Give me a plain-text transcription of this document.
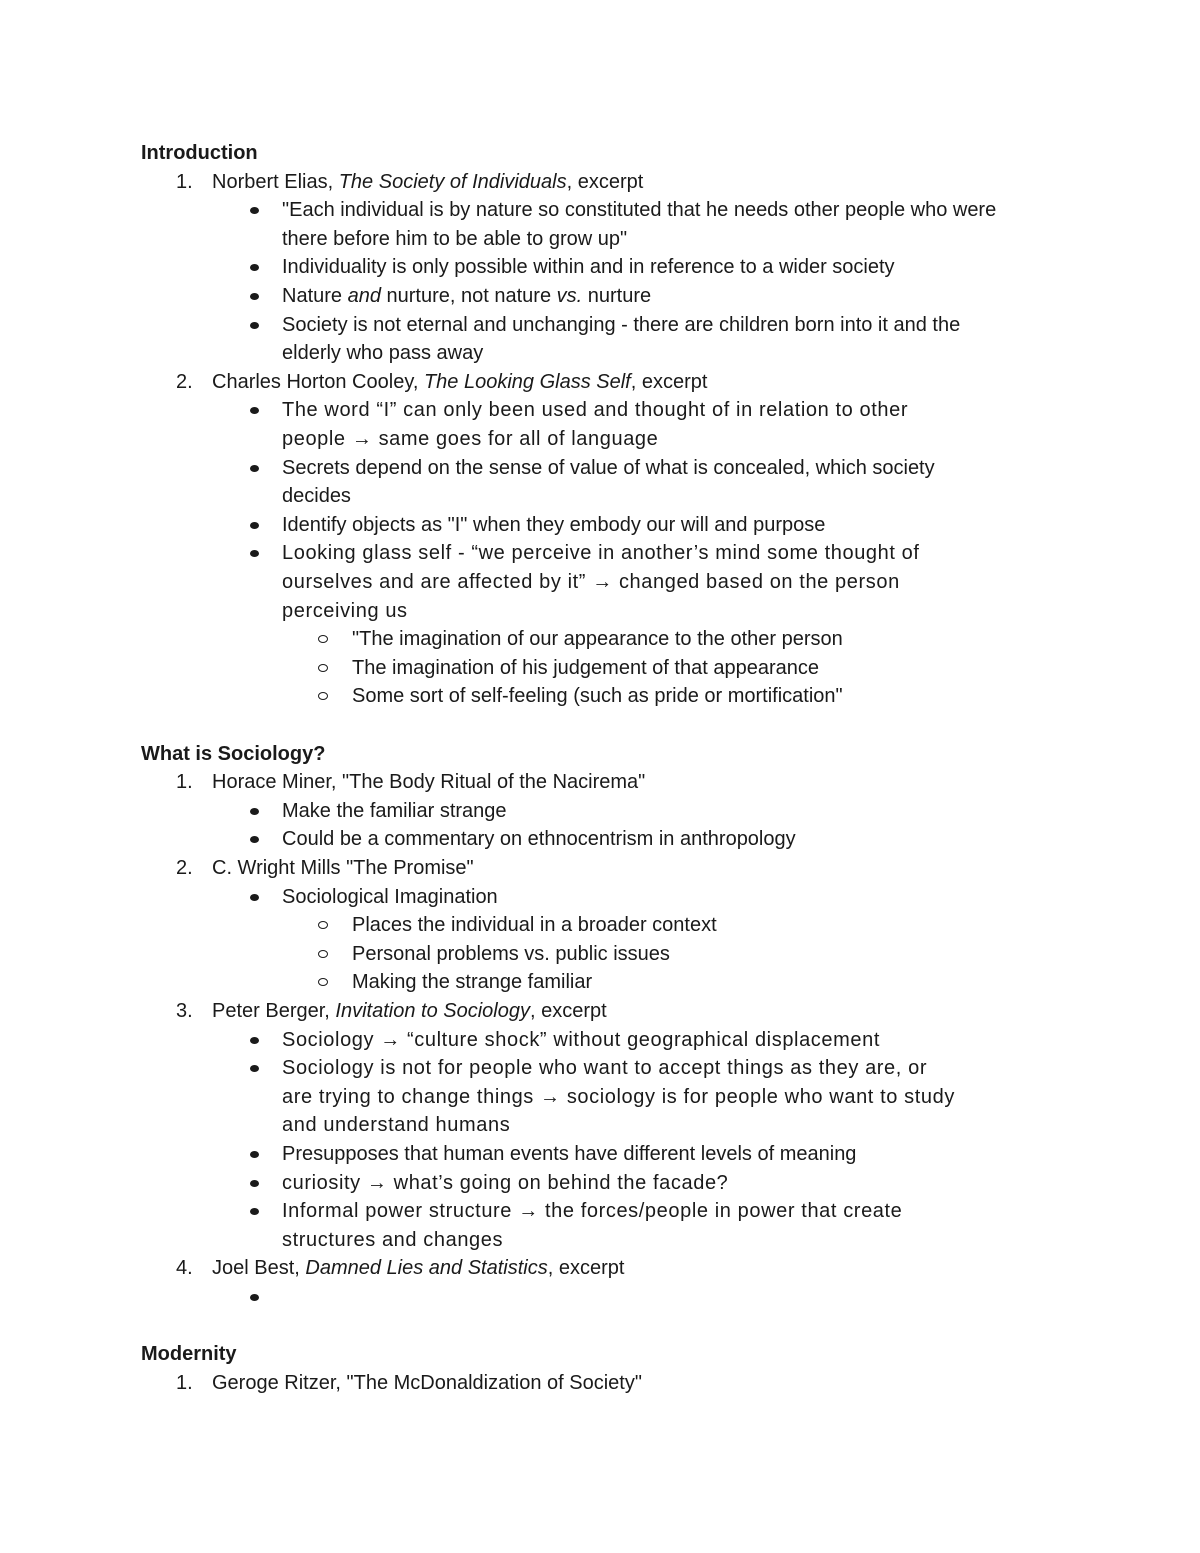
Introduction
1. Norbert Elias, The Society of Individuals, excerpt
"Each individual is by nature so constituted that he needs other people who were
there before him to be able to grow up"
Individuality is only possible within and in reference to a wider society
Nature and nurture, not nature vs. nurture
Society is not eternal and unchanging - there are children born into it and the
elderly who pass away
2. Charles Horton Cooley, The Looking Glass Self, excerpt
The word “I” can only been used and thought of in relation to other
people → same goes for all of language
Secrets depend on the sense of value of what is concealed, which society
decides
Identify objects as "I" when they embody our will and purpose
Looking glass self - “we perceive in another’s mind some thought of
ourselves and are affected by it” → changed based on the person
perceiving us
"The imagination of our appearance to the other person
The imagination of his judgement of that appearance
Some sort of self-feeling (such as pride or mortification"
What is Sociology?
1. Horace Miner, "The Body Ritual of the Nacirema"
Make the familiar strange
Could be a commentary on ethnocentrism in anthropology
2. C. Wright Mills "The Promise"
Sociological Imagination
Places the individual in a broader context
Personal problems vs. public issues
Making the strange familiar
3. Peter Berger, Invitation to Sociology, excerpt
Sociology → “culture shock” without geographical displacement
Sociology is not for people who want to accept things as they are, or
are trying to change things → sociology is for people who want to study
and understand humans
Presupposes that human events have different levels of meaning
curiosity → what’s going on behind the facade?
Informal power structure → the forces/people in power that create
structures and changes
4. Joel Best, Damned Lies and Statistics, excerpt
Modernity
1. Geroge Ritzer, "The McDonaldization of Society"
